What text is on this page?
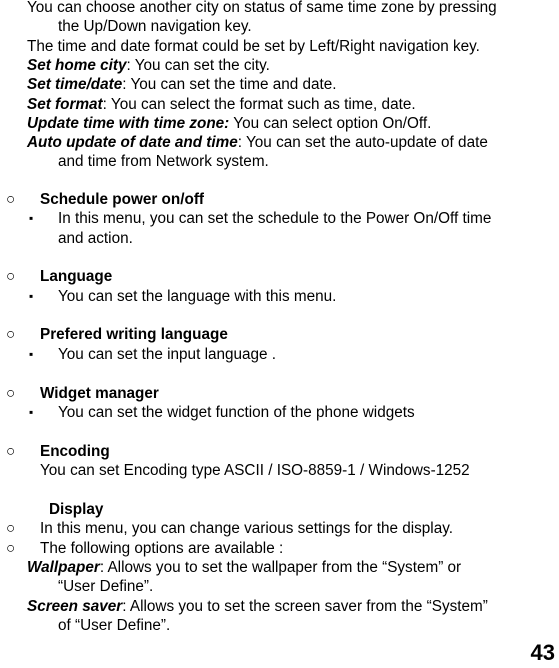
You can choose another city on status of same time zone by pressing
the Up/Down navigation key.
The time and date format could be set by Left/Right navigation key.
Set home city: You can set the city.
Set time/date: You can set the time and date.
Set format: You can select the format such as time, date.
Update time with time zone: You can select option On/Off.
Auto update of date and time: You can set the auto-update of date
and time from Network system.
○ Schedule power on/off
▪ In this menu, you can set the schedule to the Power On/Off time
and action.
○ Language
▪ You can set the language with this menu.
○ Prefered writing language
▪ You can set the input language .
○ Widget manager
▪ You can set the widget function of the phone widgets
○ Encoding
You can set Encoding type ASCII / ISO-8859-1 / Windows-1252
Display
○ In this menu, you can change various settings for the display.
○ The following options are available :
Wallpaper: Allows you to set the wallpaper from the “System” or
“User Define”.
Screen saver: Allows you to set the screen saver from the “System”
of “User Define”.
43
